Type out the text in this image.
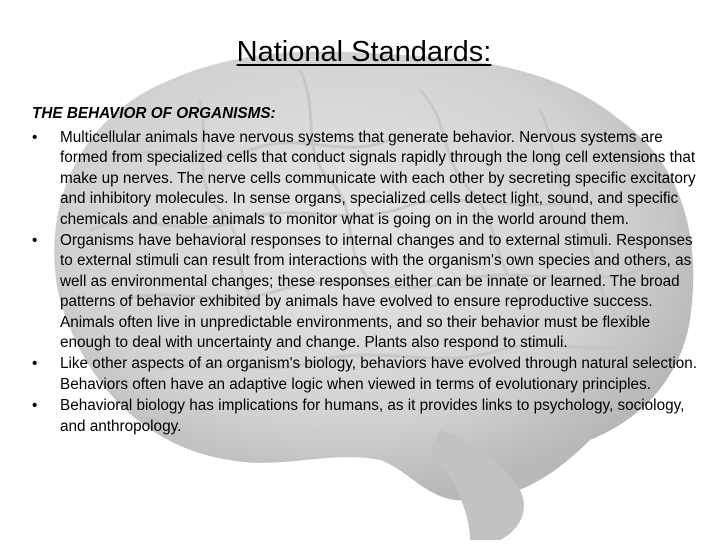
National Standards:
THE BEHAVIOR OF ORGANISMS:
•	Multicellular animals have nervous systems that generate behavior. Nervous systems are formed from specialized cells that conduct signals rapidly through the long cell extensions that make up nerves. The nerve cells communicate with each other by secreting specific excitatory and inhibitory molecules. In sense organs, specialized cells detect light, sound, and specific chemicals and enable animals to monitor what is going on in the world around them.
•	Organisms have behavioral responses to internal changes and to external stimuli. Responses to external stimuli can result from interactions with the organism's own species and others, as well as environmental changes; these responses either can be innate or learned. The broad patterns of behavior exhibited by animals have evolved to ensure reproductive success. Animals often live in unpredictable environments, and so their behavior must be flexible enough to deal with uncertainty and change. Plants also respond to stimuli.
•	Like other aspects of an organism's biology, behaviors have evolved through natural selection. Behaviors often have an adaptive logic when viewed in terms of evolutionary principles.
•	Behavioral biology has implications for humans, as it provides links to psychology, sociology, and anthropology.
